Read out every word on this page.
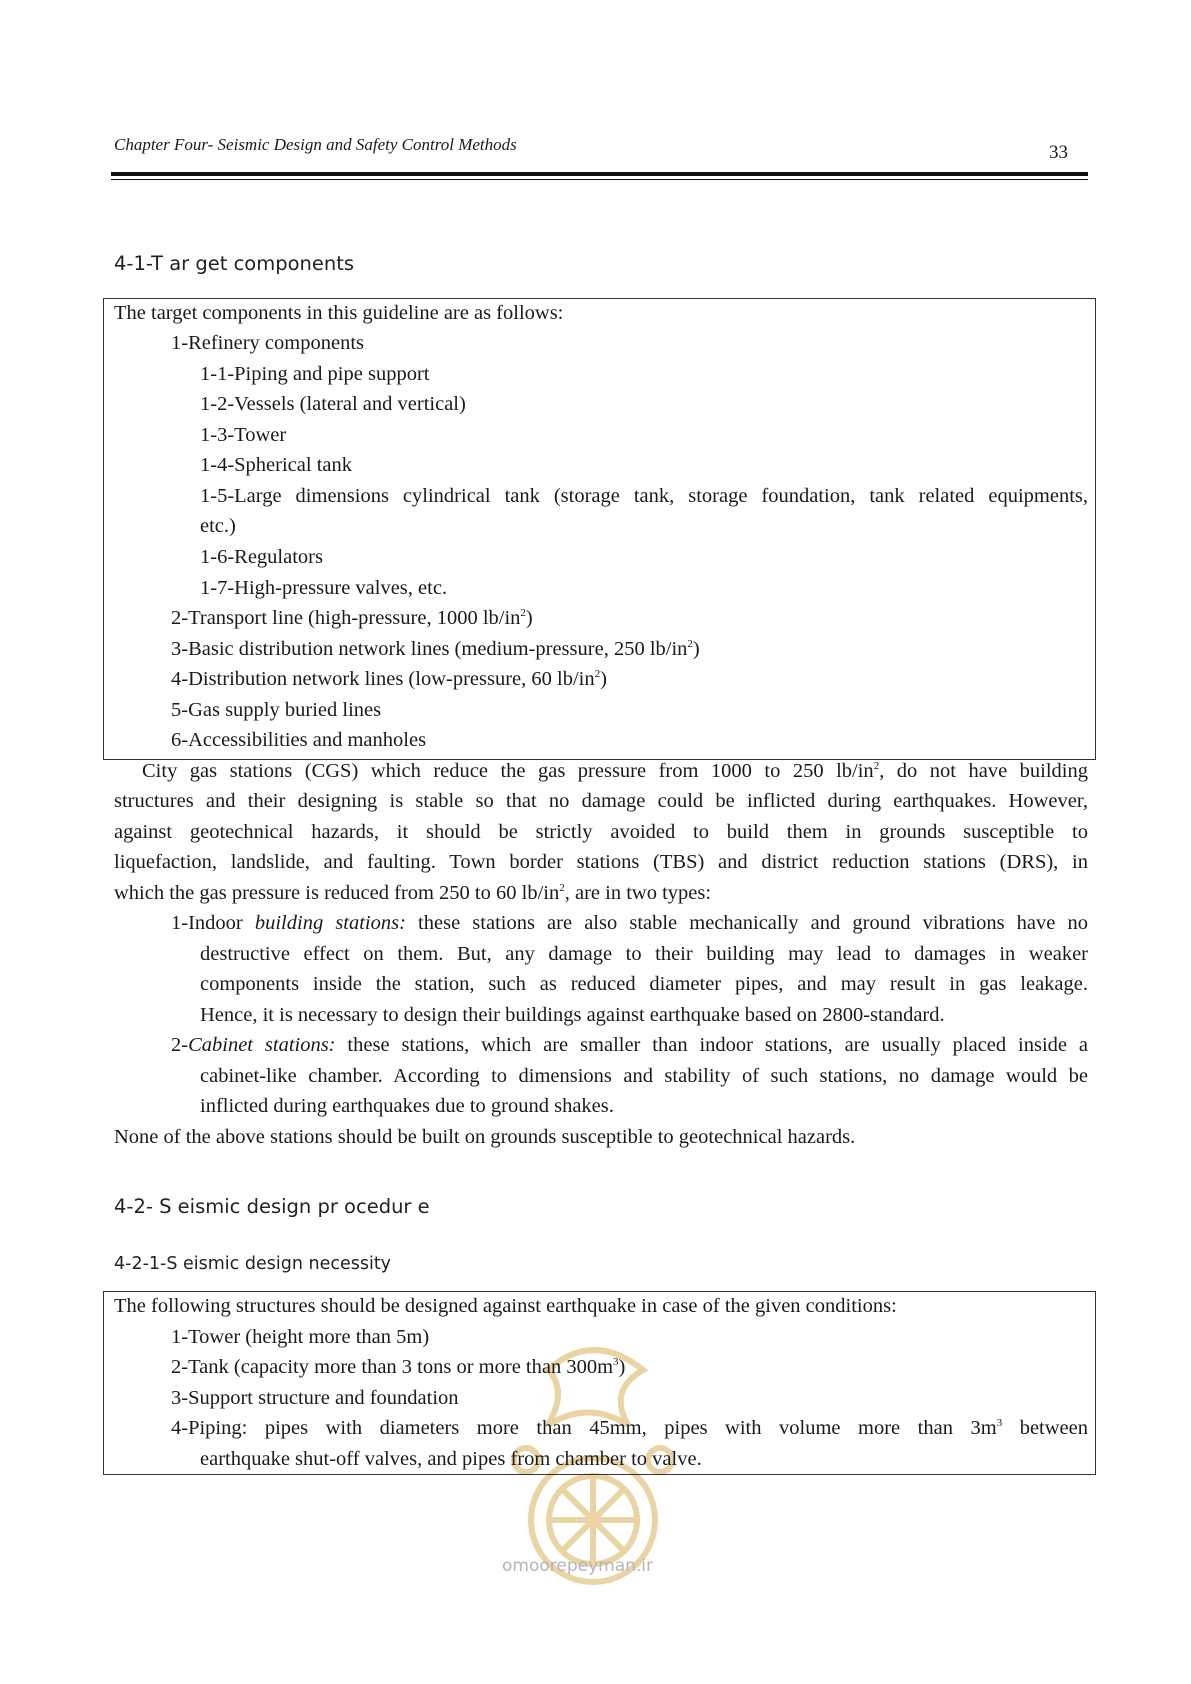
Chapter Four- Seismic Design and Safety Control Methods	33
4-1-T ar get components
The target components in this guideline are as follows:
1-Refinery components
1-1-Piping and pipe support
1-2-Vessels (lateral and vertical)
1-3-Tower
1-4-Spherical tank
1-5-Large dimensions cylindrical tank (storage tank, storage foundation, tank related equipments,
etc.)
1-6-Regulators
1-7-High-pressure valves, etc.
2-Transport line (high-pressure, 1000 $lb/in^2$)
3-Basic distribution network lines (medium-pressure, 250 $lb/in^2$)
4-Distribution network lines (low-pressure, 60 $lb/in^2$)
5-Gas supply buried lines
6-Accessibilities and manholes
City gas stations (CGS) which reduce the gas pressure from 1000 to 250 $lb/in^2$, do not have building
structures and their designing is stable so that no damage could be inflicted during earthquakes. However,
against geotechnical hazards, it should be strictly avoided to build them in grounds susceptible to
liquefaction, landslide, and faulting. Town border stations (TBS) and district reduction stations (DRS), in
which the gas pressure is reduced from 250 to 60 $lb/in^2$, are in two types:
1-Indoor building stations: these stations are also stable mechanically and ground vibrations have no
destructive effect on them. But, any damage to their building may lead to damages in weaker
components inside the station, such as reduced diameter pipes, and may result in gas leakage.
Hence, it is necessary to design their buildings against earthquake based on 2800-standard.
2-Cabinet stations: these stations, which are smaller than indoor stations, are usually placed inside a
cabinet-like chamber. According to dimensions and stability of such stations, no damage would be
inflicted during earthquakes due to ground shakes.
None of the above stations should be built on grounds susceptible to geotechnical hazards.
4-2- S eismic design pr ocedur e
4-2-1-S eismic design necessity
omoorepeyman.ir
The following structures should be designed against earthquake in case of the given conditions:
1-Tower (height more than 5m)
2-Tank (capacity more than 3 tons or more than $300m^3$)
3-Support structure and foundation
4-Piping: pipes with diameters more than 45mm, pipes with volume more than $3m^3$ between
earthquake shut-off valves, and pipes from chamber to valve.
